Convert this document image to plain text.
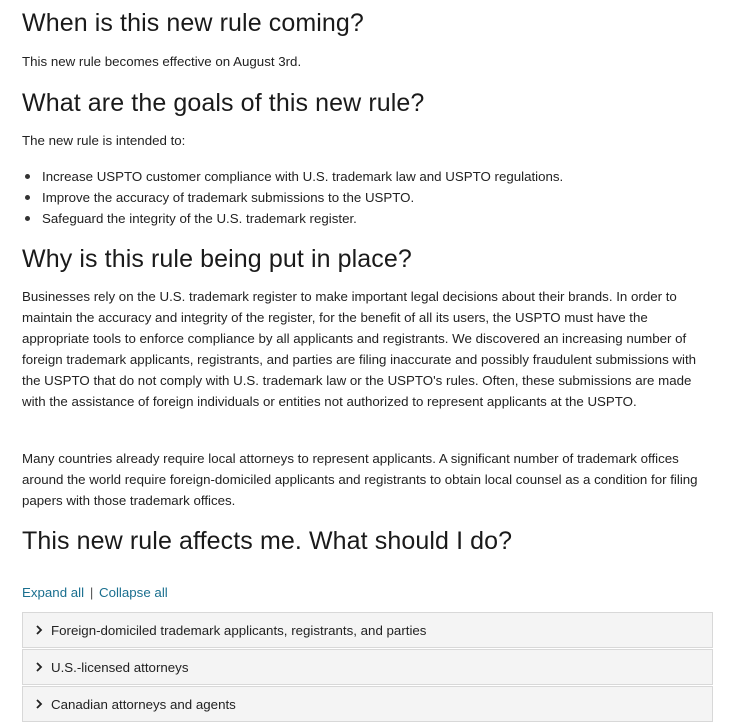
When is this new rule coming?

This new rule becomes effective on August 3rd.

What are the goals of this new rule?

The new rule is intended to:

Increase USPTO customer compliance with U.S. trademark law and USPTO regulations.
Improve the accuracy of trademark submissions to the USPTO.
Safeguard the integrity of the U.S. trademark register.
Why is this rule being put in place?

Businesses rely on the U.S. trademark register to make important legal decisions about their brands. In order to maintain the accuracy and integrity of the register, for the benefit of all its users, the USPTO must have the appropriate tools to enforce compliance by all applicants and registrants. We discovered an increasing number of foreign trademark applicants, registrants, and parties are filing inaccurate and possibly fraudulent submissions with the USPTO that do not comply with U.S. trademark law or the USPTO's rules. Often, these submissions are made with the assistance of foreign individuals or entities not authorized to represent applicants at the USPTO.

Many countries already require local attorneys to represent applicants. A significant number of trademark offices around the world require foreign-domiciled applicants and registrants to obtain local counsel as a condition for filing papers with those trademark offices.

This new rule affects me. What should I do?
Expand all | Collapse all
Foreign-domiciled trademark applicants, registrants, and parties
U.S.-licensed attorneys
Canadian attorneys and agents
